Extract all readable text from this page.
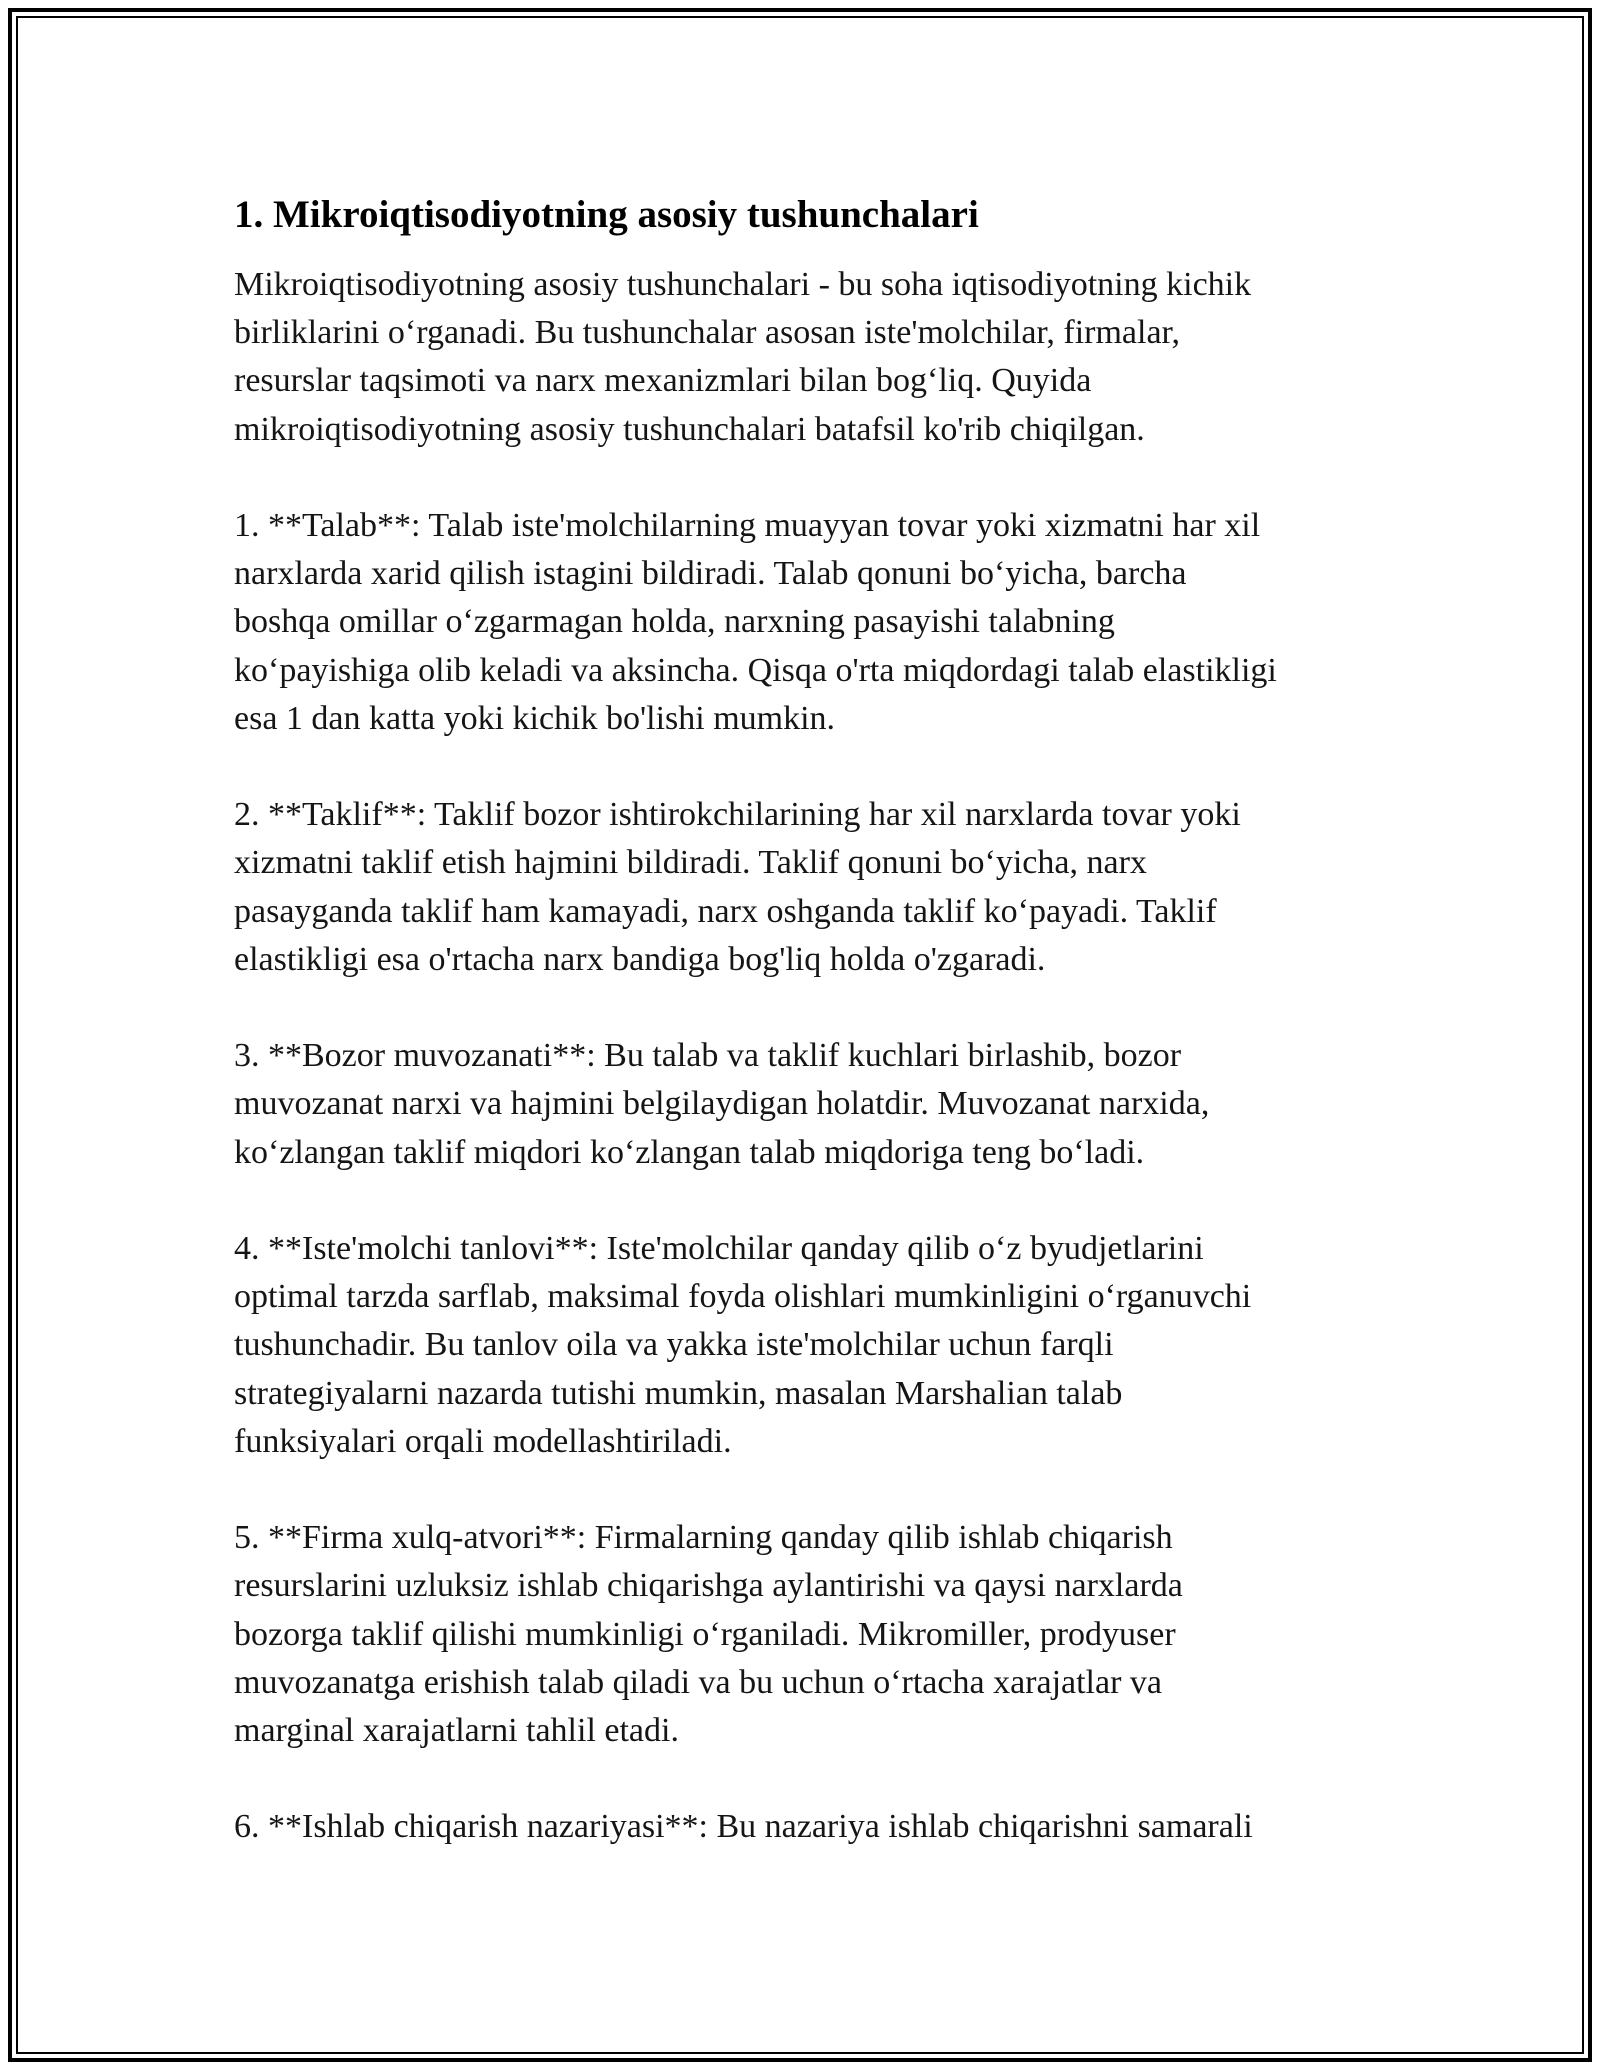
1. Mikroiqtisodiyotning asosiy tushunchalari

Mikroiqtisodiyotning asosiy tushunchalari - bu soha iqtisodiyotning kichik
birliklarini o‘rganadi. Bu tushunchalar asosan iste'molchilar, firmalar,
resurslar taqsimoti va narx mexanizmlari bilan bog‘liq. Quyida
mikroiqtisodiyotning asosiy tushunchalari batafsil ko'rib chiqilgan.

1. **Talab**: Talab iste'molchilarning muayyan tovar yoki xizmatni har xil
narxlarda xarid qilish istagini bildiradi. Talab qonuni bo‘yicha, barcha
boshqa omillar o‘zgarmagan holda, narxning pasayishi talabning
ko‘payishiga olib keladi va aksincha. Qisqa o'rta miqdordagi talab elastikligi
esa 1 dan katta yoki kichik bo'lishi mumkin.

2. **Taklif**: Taklif bozor ishtirokchilarining har xil narxlarda tovar yoki
xizmatni taklif etish hajmini bildiradi. Taklif qonuni bo‘yicha, narx
pasayganda taklif ham kamayadi, narx oshganda taklif ko‘payadi. Taklif
elastikligi esa o'rtacha narx bandiga bog'liq holda o'zgaradi.

3. **Bozor muvozanati**: Bu talab va taklif kuchlari birlashib, bozor
muvozanat narxi va hajmini belgilaydigan holatdir. Muvozanat narxida,
ko‘zlangan taklif miqdori ko‘zlangan talab miqdoriga teng bo‘ladi.

4. **Iste'molchi tanlovi**: Iste'molchilar qanday qilib o‘z byudjetlarini
optimal tarzda sarflab, maksimal foyda olishlari mumkinligini o‘rganuvchi
tushunchadir. Bu tanlov oila va yakka iste'molchilar uchun farqli
strategiyalarni nazarda tutishi mumkin, masalan Marshalian talab
funksiyalari orqali modellashtiriladi.

5. **Firma xulq-atvori**: Firmalarning qanday qilib ishlab chiqarish
resurslarini uzluksiz ishlab chiqarishga aylantirishi va qaysi narxlarda
bozorga taklif qilishi mumkinligi o‘rganiladi. Mikromiller, prodyuser
muvozanatga erishish talab qiladi va bu uchun o‘rtacha xarajatlar va
marginal xarajatlarni tahlil etadi.

6. **Ishlab chiqarish nazariyasi**: Bu nazariya ishlab chiqarishni samarali
